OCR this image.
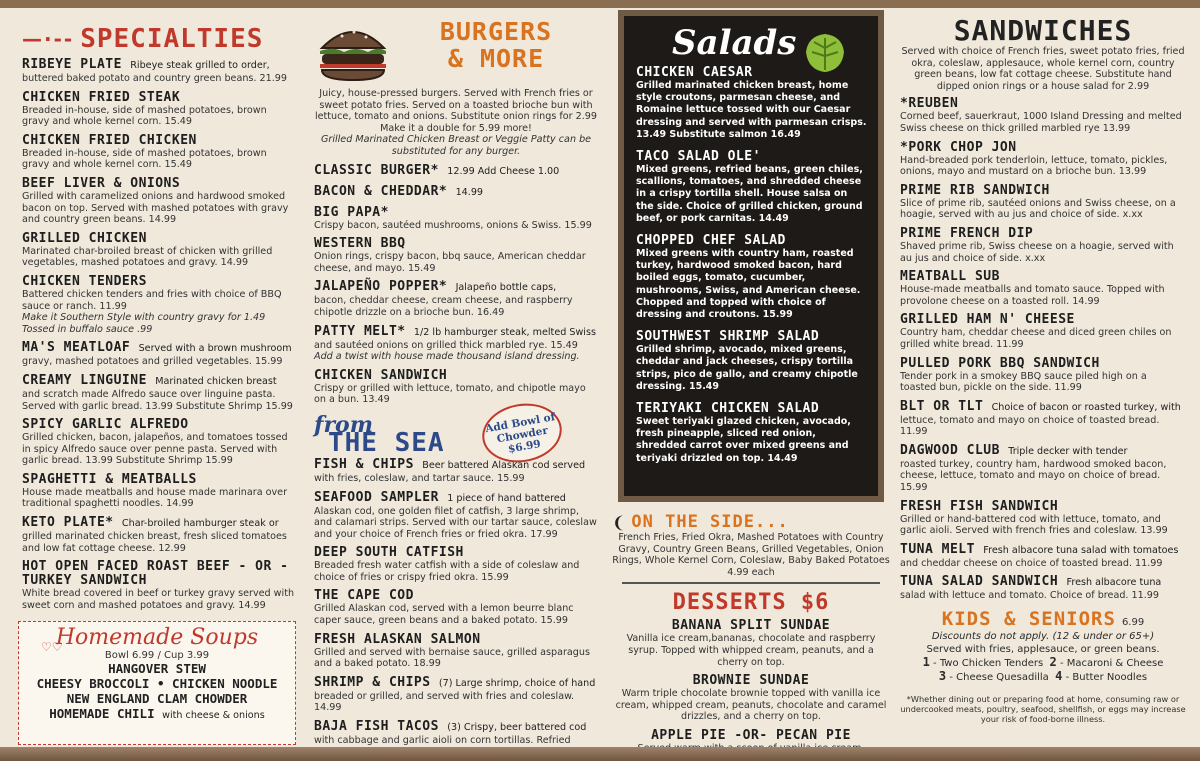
—·-- SPECIALTIES
RIBEYE PLATE Ribeye steak grilled to order,
buttered baked potato and country green beans. 21.99
CHICKEN FRIED STEAK
Breaded in-house, side of mashed potatoes, brown gravy and whole kernel corn. 15.49
CHICKEN FRIED CHICKEN
Breaded in-house, side of mashed potatoes, brown gravy and whole kernel corn. 15.49
BEEF LIVER & ONIONS
Grilled with caramelized onions and hardwood smoked bacon on top. Served with mashed potatoes with gravy and country green beans. 14.99
GRILLED CHICKEN
Marinated char-broiled breast of chicken with grilled vegetables, mashed potatoes and gravy. 14.99
CHICKEN TENDERS
Battered chicken tenders and fries with choice of BBQ sauce or ranch. 11.99
Make it Southern Style with country gravy for 1.49 Tossed in buffalo sauce .99
MA'S MEATLOAF Served with a brown mushroom
gravy, mashed potatoes and grilled vegetables. 15.99
CREAMY LINGUINE Marinated chicken breast
and scratch made Alfredo sauce over linguine pasta. Served with garlic bread. 13.99 Substitute Shrimp 15.99
SPICY GARLIC ALFREDO
Grilled chicken, bacon, jalapeños, and tomatoes tossed in spicy Alfredo sauce over penne pasta. Served with garlic bread. 13.99 Substitute Shrimp 15.99
SPAGHETTI & MEATBALLS
House made meatballs and house made marinara over traditional spaghetti noodles. 14.99
KETO PLATE* Char-broiled hamburger steak or
grilled marinated chicken breast, fresh sliced tomatoes and low fat cottage cheese. 12.99
HOT OPEN FACED ROAST BEEF - OR - TURKEY SANDWICH
White bread covered in beef or turkey gravy served with sweet corn and mashed potatoes and gravy. 14.99
♡♡
Homemade Soups
Bowl 6.99 / Cup 3.99
HANGOVER STEW
CHEESY BROCCOLI • CHICKEN NOODLE
NEW ENGLAND CLAM CHOWDER
HOMEMADE CHILI with cheese & onions
BURGERS
& MORE
Juicy, house-pressed burgers. Served with French fries or sweet potato fries. Served on a toasted brioche bun with lettuce, tomato and onions. Substitute onion rings for 2.99 Make it a double for 5.99 more!
Grilled Marinated Chicken Breast or Veggie Patty can be substituted for any burger.
CLASSIC BURGER* 12.99 Add Cheese 1.00
BACON & CHEDDAR* 14.99
BIG PAPA*
Crispy bacon, sautéed mushrooms, onions & Swiss. 15.99
WESTERN BBQ
Onion rings, crispy bacon, bbq sauce, American cheddar cheese, and mayo. 15.49
JALAPEÑO POPPER* Jalapeño bottle caps,
bacon, cheddar cheese, cream cheese, and raspberry chipotle drizzle on a brioche bun. 16.49
PATTY MELT* 1/2 lb hamburger steak, melted Swiss
and sautéed onions on grilled thick marbled rye. 15.49
Add a twist with house made thousand island dressing.
CHICKEN SANDWICH
Crispy or grilled with lettuce, tomato, and chipotle mayo on a bun. 13.49
from
THE SEA
Add Bowl of Chowder $6.99
FISH & CHIPS Beer battered Alaskan cod served
with fries, coleslaw, and tartar sauce. 15.99
SEAFOOD SAMPLER 1 piece of hand battered
Alaskan cod, one golden filet of catfish, 3 large shrimp, and calamari strips. Served with our tartar sauce, coleslaw and your choice of French fries or fried okra. 17.99
DEEP SOUTH CATFISH
Breaded fresh water catfish with a side of coleslaw and choice of fries or crispy fried okra. 15.99
THE CAPE COD
Grilled Alaskan cod, served with a lemon beurre blanc caper sauce, green beans and a baked potato. 15.99
FRESH ALASKAN SALMON
Grilled and served with bernaise sauce, grilled asparagus and a baked potato. 18.99
SHRIMP & CHIPS (7) Large shrimp, choice of hand
breaded or grilled, and served with fries and coleslaw. 14.99
BAJA FISH TACOS (3) Crispy, beer battered cod
with cabbage and garlic aioli on corn tortillas. Refried
Salads
CHICKEN CAESAR
Grilled marinated chicken breast, home style croutons, parmesan cheese, and Romaine lettuce tossed with our Caesar dressing and served with parmesan crisps. 13.49 Substitute salmon 16.49
TACO SALAD OLE'
Mixed greens, refried beans, green chiles, scallions, tomatoes, and shredded cheese in a crispy tortilla shell. House salsa on the side. Choice of grilled chicken, ground beef, or pork carnitas. 14.49
CHOPPED CHEF SALAD
Mixed greens with country ham, roasted turkey, hardwood smoked bacon, hard boiled eggs, tomato, cucumber, mushrooms, Swiss, and American cheese. Chopped and topped with choice of dressing and croutons. 15.99
SOUTHWEST SHRIMP SALAD
Grilled shrimp, avocado, mixed greens, cheddar and jack cheeses, crispy tortilla strips, pico de gallo, and creamy chipotle dressing. 15.49
TERIYAKI CHICKEN SALAD
Sweet teriyaki glazed chicken, avocado, fresh pineapple, sliced red onion, shredded carrot over mixed greens and teriyaki drizzled on top. 14.49
❨ ON THE SIDE...
French Fries, Fried Okra, Mashed Potatoes with Country Gravy, Country Green Beans, Grilled Vegetables, Onion Rings, Whole Kernel Corn, Coleslaw, Baby Baked Potatoes 4.99 each
DESSERTS $6
BANANA SPLIT SUNDAE
Vanilla ice cream,bananas, chocolate and raspberry syrup. Topped with whipped cream, peanuts, and a cherry on top.
BROWNIE SUNDAE
Warm triple chocolate brownie topped with vanilla ice cream, whipped cream, peanuts, chocolate and caramel drizzles, and a cherry on top.
APPLE PIE -OR- PECAN PIE
SANDWICHES
Served with choice of French fries, sweet potato fries, fried okra, coleslaw, applesauce, whole kernel corn, country green beans, low fat cottage cheese. Substitute hand dipped onion rings or a house salad for 2.99
*REUBEN
Corned beef, sauerkraut, 1000 Island Dressing and melted Swiss cheese on thick grilled marbled rye 13.99
*PORK CHOP JON
Hand-breaded pork tenderloin, lettuce, tomato, pickles, onions, mayo and mustard on a brioche bun. 13.99
PRIME RIB SANDWICH
Slice of prime rib, sautéed onions and Swiss cheese, on a hoagie, served with au jus and choice of side. x.xx
PRIME FRENCH DIP
Shaved prime rib, Swiss cheese on a hoagie, served with au jus and choice of side. x.xx
MEATBALL SUB
House-made meatballs and tomato sauce. Topped with provolone cheese on a toasted roll. 14.99
GRILLED HAM N' CHEESE
Country ham, cheddar cheese and diced green chiles on grilled white bread. 11.99
PULLED PORK BBQ SANDWICH
Tender pork in a smokey BBQ sauce piled high on a toasted bun, pickle on the side. 11.99
BLT OR TLT Choice of bacon or roasted turkey, with
lettuce, tomato and mayo on choice of toasted bread. 11.99
DAGWOOD CLUB Triple decker with tender
roasted turkey, country ham, hardwood smoked bacon, cheese, lettuce, tomato and mayo on choice of bread. 15.99
FRESH FISH SANDWICH
Grilled or hand-battered cod with lettuce, tomato, and garlic aioli. Served with french fries and coleslaw. 13.99
TUNA MELT Fresh albacore tuna salad with tomatoes
and cheddar cheese on choice of toasted bread. 11.99
TUNA SALAD SANDWICH Fresh albacore tuna
salad with lettuce and tomato. Choice of bread. 11.99
KIDS & SENIORS 6.99
Discounts do not apply. (12 & under or 65+)
Served with fries, applesauce, or green beans.
1 - Two Chicken Tenders 2 - Macaroni & Cheese
3 - Cheese Quesadilla 4 - Butter Noodles
*Whether dining out or preparing food at home, consuming raw or undercooked meats, poultry, seafood, shellfish, or eggs may increase your risk of food-borne illness.
